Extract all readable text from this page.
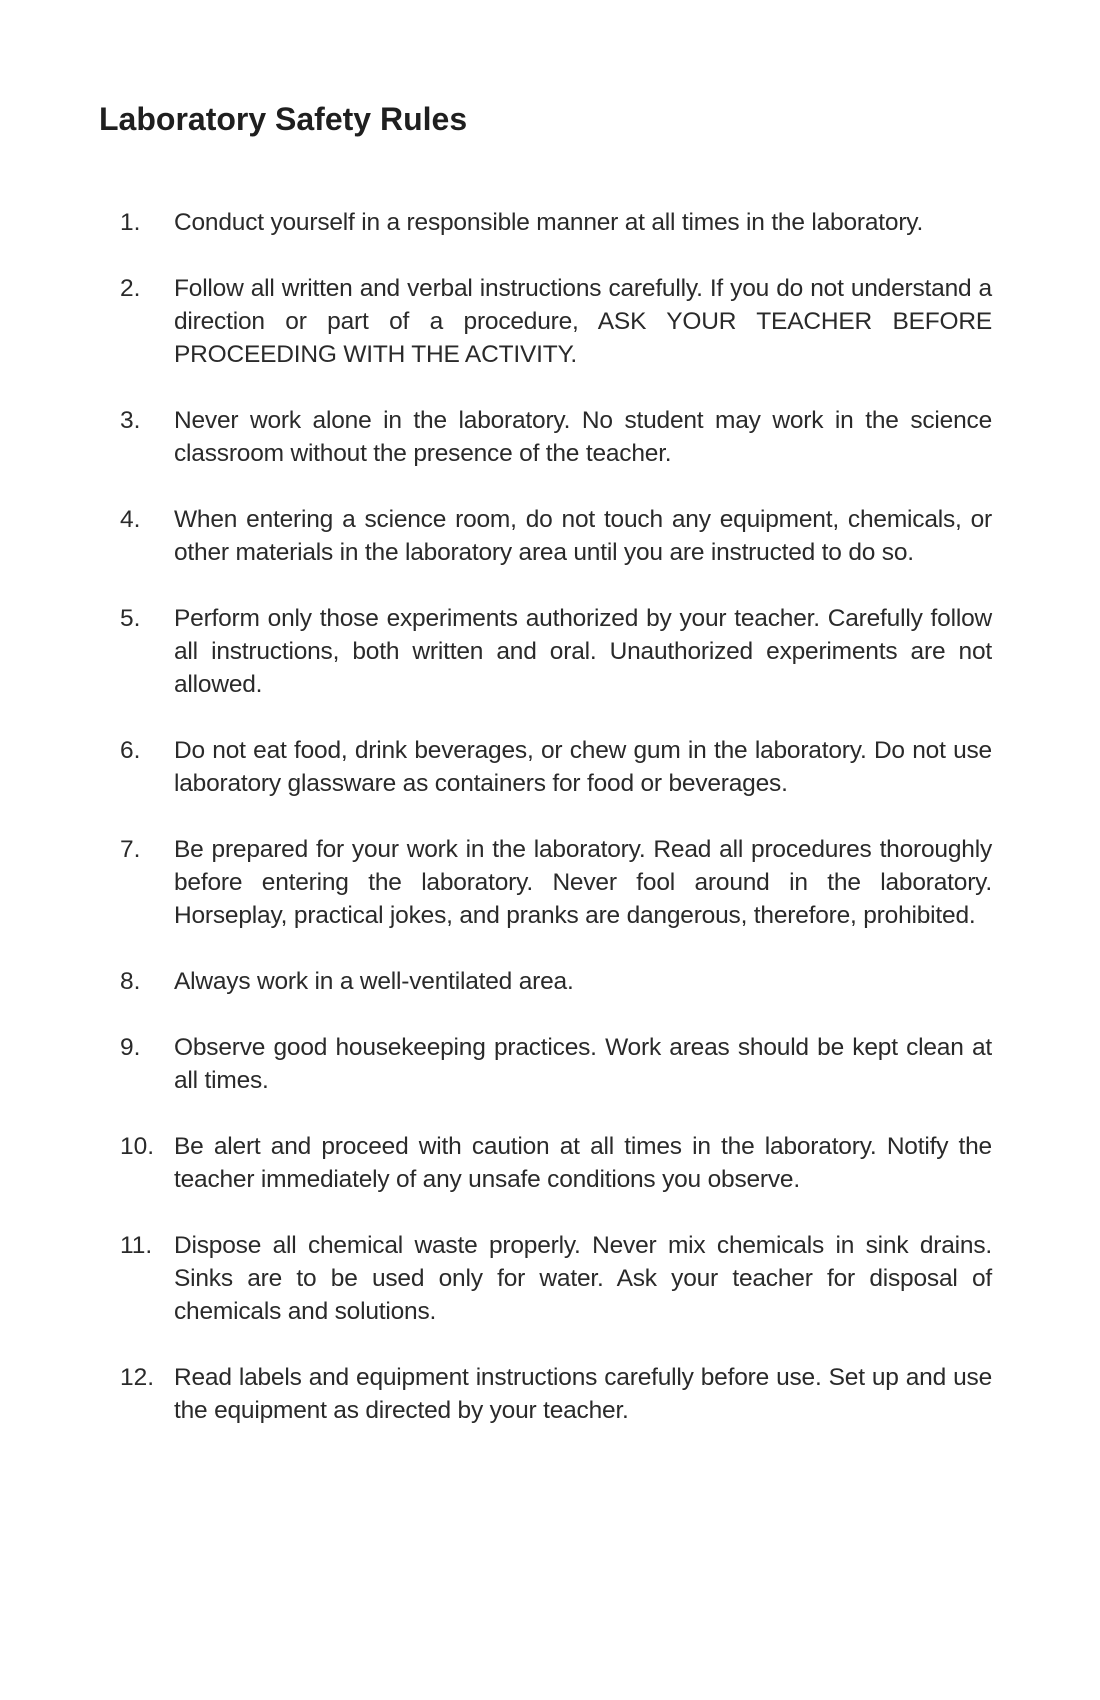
Laboratory Safety Rules
1.	Conduct yourself in a responsible manner at all times in the laboratory.
2.	Follow all written and verbal instructions carefully. If you do not understand a direction or part of a procedure, ASK YOUR TEACHER BEFORE PROCEEDING WITH THE ACTIVITY.
3.	Never work alone in the laboratory. No student may work in the science classroom without the presence of the teacher.
4.	When entering a science room, do not touch any equipment, chemicals, or other materials in the laboratory area until you are instructed to do so.
5.	Perform only those experiments authorized by your teacher. Carefully follow all instructions, both written and oral. Unauthorized experiments are not allowed.
6.	Do not eat food, drink beverages, or chew gum in the laboratory. Do not use laboratory glassware as containers for food or beverages.
7.	Be prepared for your work in the laboratory. Read all procedures thoroughly before entering the laboratory. Never fool around in the laboratory. Horseplay, practical jokes, and pranks are dangerous, therefore, prohibited.
8.	Always work in a well-ventilated area.
9.	Observe good housekeeping practices. Work areas should be kept clean at all times.
10. Be alert and proceed with caution at all times in the laboratory. Notify the teacher immediately of any unsafe conditions you observe.
11. Dispose all chemical waste properly. Never mix chemicals in sink drains. Sinks are to be used only for water. Ask your teacher for disposal of chemicals and solutions.
12. Read labels and equipment instructions carefully before use. Set up and use the equipment as directed by your teacher.
